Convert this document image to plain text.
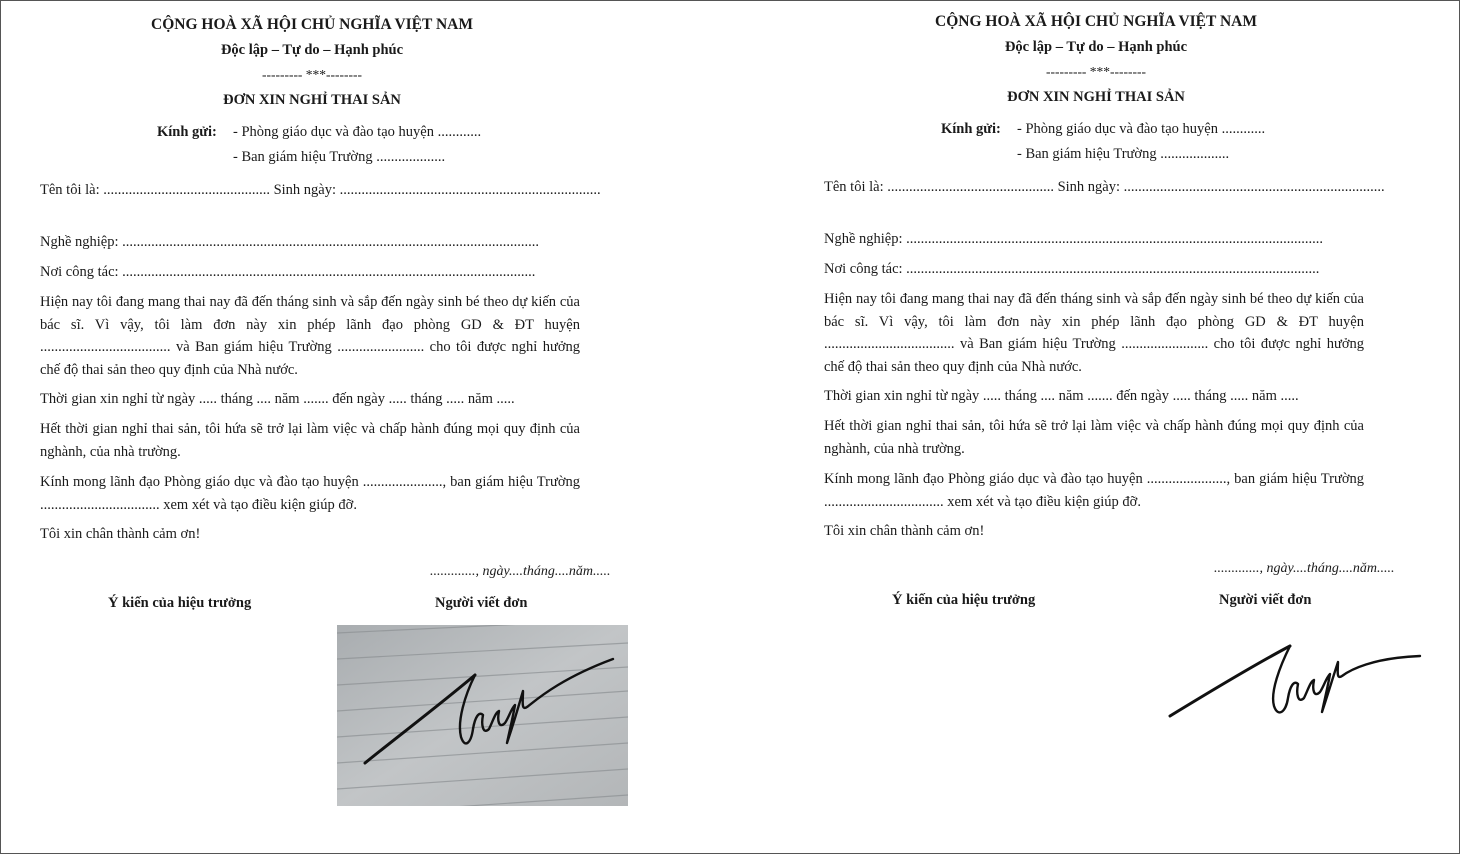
CỘNG HOÀ XÃ HỘI CHỦ NGHĨA VIỆT NAM
Độc lập – Tự do – Hạnh phúc
--------- ***--------
ĐƠN XIN NGHỈ THAI SẢN
Kính gửi: - Phòng giáo dục và đào tạo huyện ............
- Ban giám hiệu Trường ...................
Tên tôi là: .............................................. Sinh ngày: ........................................................................
Nghề nghiệp: ...................................................................................................................
Nơi công tác: ..................................................................................................................
Hiện nay tôi đang mang thai nay đã đến tháng sinh và sắp đến ngày sinh bé theo dự kiến của bác sĩ. Vì vậy, tôi làm đơn này xin phép lãnh đạo phòng GD & ĐT huyện .................................... và Ban giám hiệu Trường ........................ cho tôi được nghỉ hưởng chế độ thai sản theo quy định của Nhà nước.
Thời gian xin nghỉ từ ngày ..... tháng .... năm ....... đến ngày ..... tháng ..... năm .....
Hết thời gian nghỉ thai sản, tôi hứa sẽ trở lại làm việc và chấp hành đúng mọi quy định của nghành, của nhà trường.
Kính mong lãnh đạo Phòng giáo dục và đào tạo huyện ......................, ban giám hiệu Trường ................................. xem xét và tạo điều kiện giúp đỡ.
Tôi xin chân thành cảm ơn!
............., ngày....tháng....năm.....
Ý kiến của hiệu trưởng	Người viết đơn
CỘNG HOÀ XÃ HỘI CHỦ NGHĨA VIỆT NAM
Độc lập – Tự do – Hạnh phúc
--------- ***--------
ĐƠN XIN NGHỈ THAI SẢN
Kính gửi: - Phòng giáo dục và đào tạo huyện ............
- Ban giám hiệu Trường ...................
Tên tôi là: .............................................. Sinh ngày: ........................................................................
Nghề nghiệp: ...................................................................................................................
Nơi công tác: ..................................................................................................................
Hiện nay tôi đang mang thai nay đã đến tháng sinh và sắp đến ngày sinh bé theo dự kiến của bác sĩ. Vì vậy, tôi làm đơn này xin phép lãnh đạo phòng GD & ĐT huyện .................................... và Ban giám hiệu Trường ........................ cho tôi được nghỉ hưởng chế độ thai sản theo quy định của Nhà nước.
Thời gian xin nghỉ từ ngày ..... tháng .... năm ....... đến ngày ..... tháng ..... năm .....
Hết thời gian nghỉ thai sản, tôi hứa sẽ trở lại làm việc và chấp hành đúng mọi quy định của nghành, của nhà trường.
Kính mong lãnh đạo Phòng giáo dục và đào tạo huyện ......................, ban giám hiệu Trường ................................. xem xét và tạo điều kiện giúp đỡ.
Tôi xin chân thành cảm ơn!
............., ngày....tháng....năm.....
Ý kiến của hiệu trưởng	Người viết đơn
